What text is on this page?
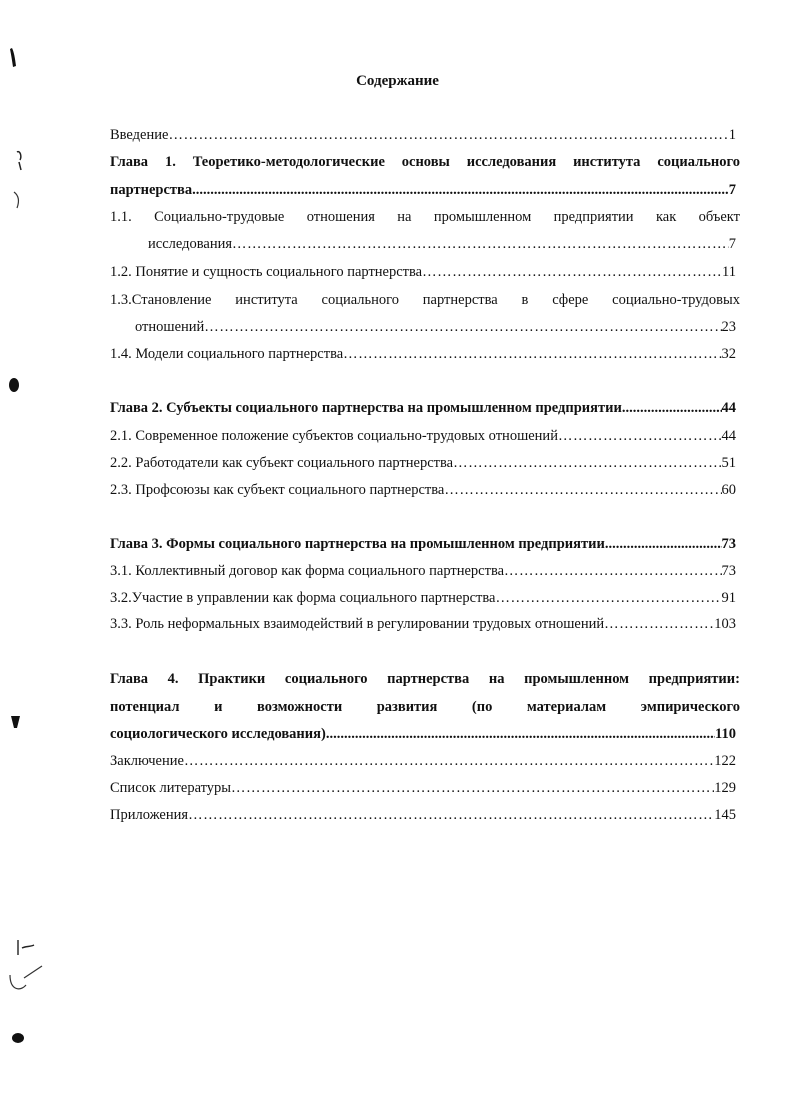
Содержание
Введение ……………………………………………………………………………………………………………………………………………………………	1
Глава 1. Теоретико-методологические основы исследования института социального
партнерства .....	7
1.1. Социально-трудовые отношения на промышленном предприятии как объект
исследования ……………………………………………………………………………………………………………………………………………………………	7
1.2. Понятие и сущность социального партнерства ……………………………………………………………………………………………………………………………………………………………	11
1.3.Становление института социального партнерства в сфере социально-трудовых
отношений ……………………………………………………………………………………………………………………………………………………………	23
1.4. Модели социального партнерства ……………………………………………………………………………………………………………………………………………………………	32
Глава 2. Субъекты социального партнерства на промышленном предприятии .....	44
2.1. Современное положение субъектов социально-трудовых отношений ……………………………………………………………………………………………………………………………………………………………	44
2.2. Работодатели как субъект социального партнерства ……………………………………………………………………………………………………………………………………………………………	51
2.3. Профсоюзы как субъект социального партнерства ……………………………………………………………………………………………………………………………………………………………	60
Глава 3. Формы социального партнерства на промышленном предприятии .....	73
3.1. Коллективный договор как форма социального партнерства ……………………………………………………………………………………………………………………………………………………………	73
3.2.Участие в управлении как форма социального партнерства ……………………………………………………………………………………………………………………………………………………………	91
3.3. Роль неформальных взаимодействий в регулировании трудовых отношений ……………………………………………………………………………………………………………………………………………………………	103
Глава 4. Практики социального партнерства на промышленном предприятии:
потенциал и возможности развития (по материалам эмпирического
социологического исследования) .....	110
Заключение ……………………………………………………………………………………………………………………………………………………………	122
Список литературы ……………………………………………………………………………………………………………………………………………………………	129
Приложения ……………………………………………………………………………………………………………………………………………………………	145
